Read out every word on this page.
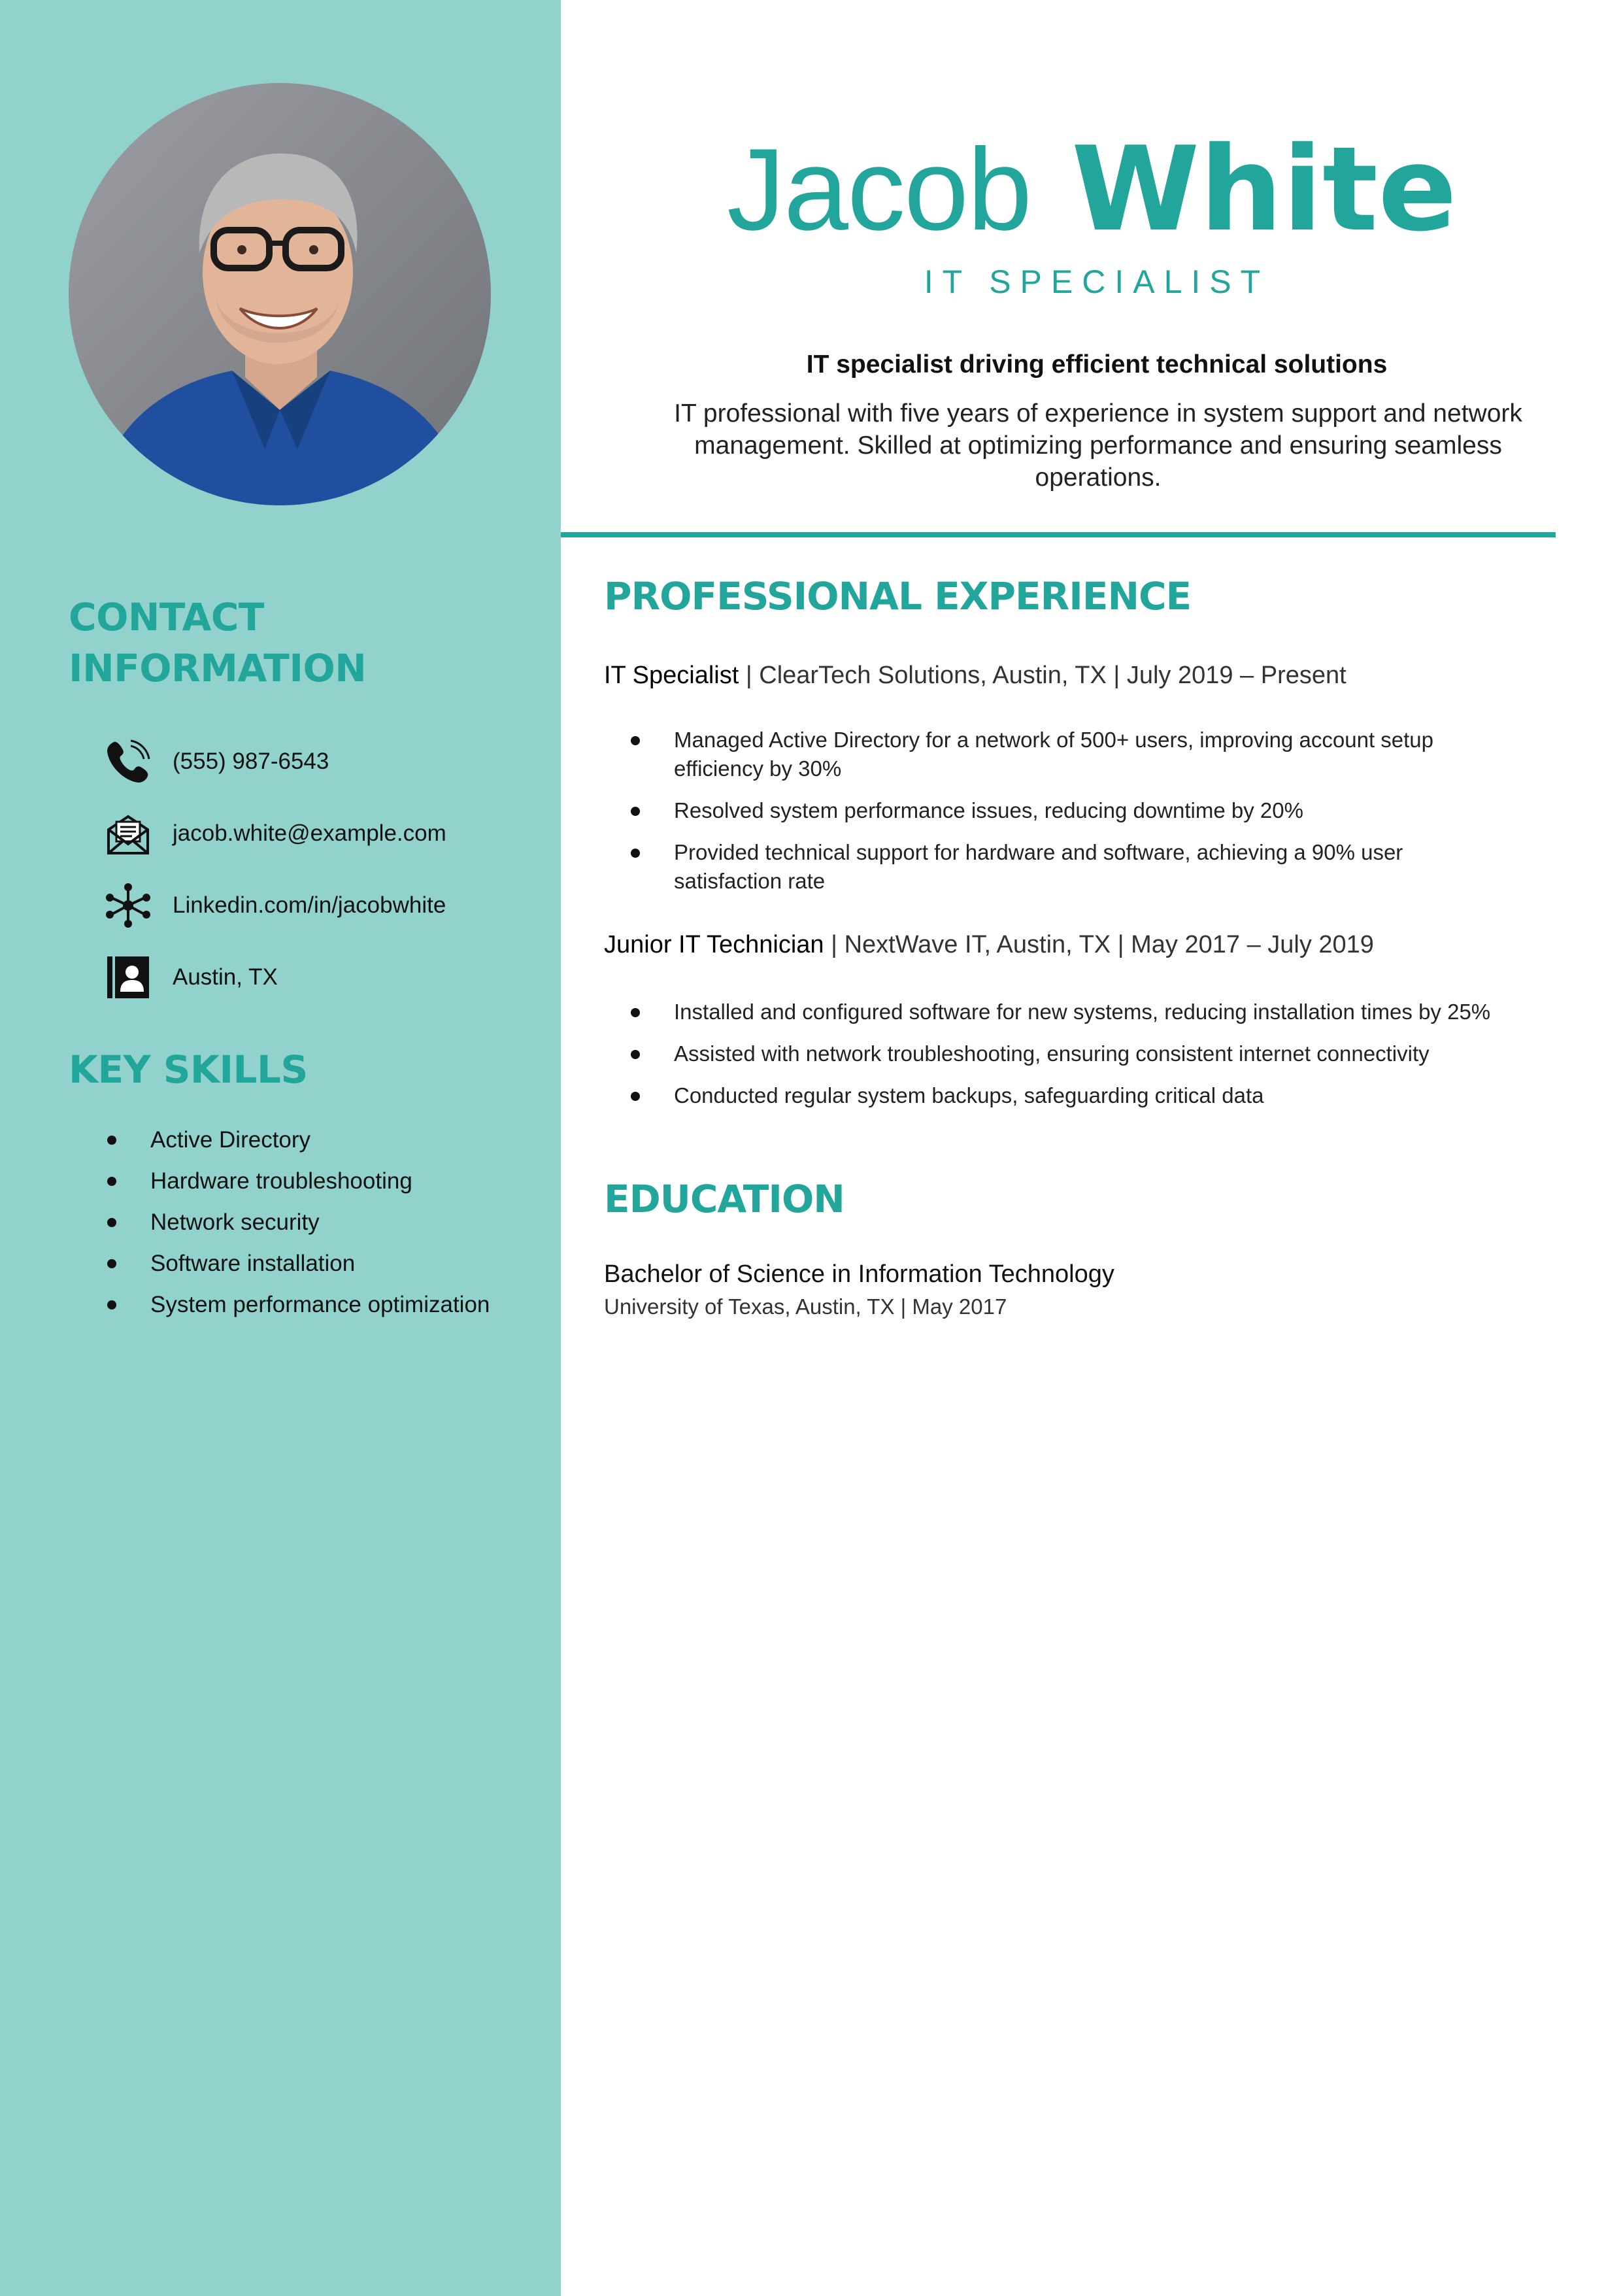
CONTACT INFORMATION
(555) 987-6543
jacob.white@example.com
Linkedin.com/in/jacobwhite
Austin, TX
KEY SKILLS
Active Directory
Hardware troubleshooting
Network security
Software installation
System performance optimization
Jacob White
IT SPECIALIST
IT specialist driving efficient technical solutions

IT professional with five years of experience in system support and network management. Skilled at optimizing performance and ensuring seamless operations.

PROFESSIONAL EXPERIENCE
IT Specialist | ClearTech Solutions, Austin, TX | July 2019 – Present
Managed Active Directory for a network of 500+ users, improving account setup efficiency by 30%
Resolved system performance issues, reducing downtime by 20%
Provided technical support for hardware and software, achieving a 90% user satisfaction rate
Junior IT Technician | NextWave IT, Austin, TX | May 2017 – July 2019
Installed and configured software for new systems, reducing installation times by 25%
Assisted with network troubleshooting, ensuring consistent internet connectivity
Conducted regular system backups, safeguarding critical data
EDUCATION
Bachelor of Science in Information Technology
University of Texas, Austin, TX | May 2017
